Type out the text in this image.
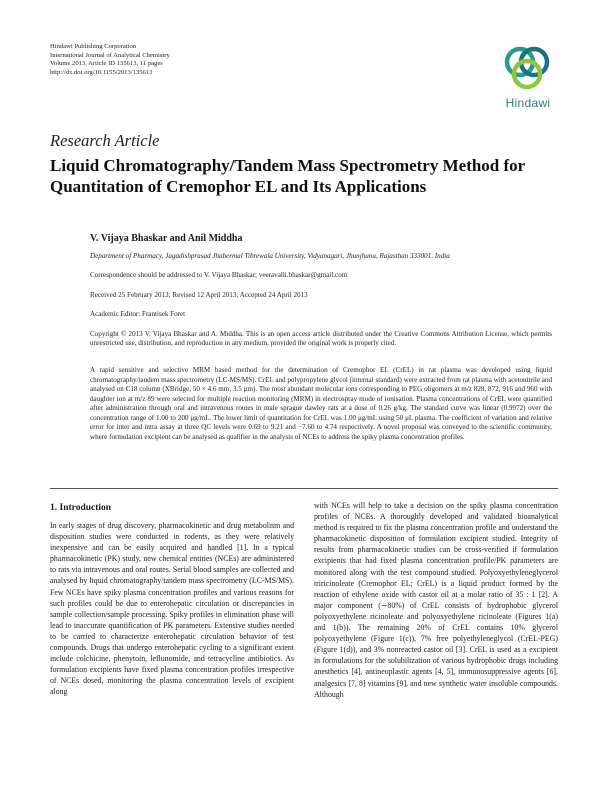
Hindawi Publishing Corporation
International Journal of Analytical Chemistry
Volume 2013, Article ID 135613, 11 pages
http://dx.doi.org/10.1155/2013/135613
Hindawi
Research Article
Liquid Chromatography/Tandem Mass Spectrometry Method for Quantitation of Cremophor EL and Its Applications
V. Vijaya Bhaskar and Anil Middha
Department of Pharmacy, Jagadishprasad Jhabermal Tibrewala University, Vidyanagari, Jhunjhunu, Rajasthan 333001, India
Correspondence should be addressed to V. Vijaya Bhaskar; veeravalli.bhaskar@gmail.com
Received 25 February 2013; Revised 12 April 2013; Accepted 24 April 2013
Academic Editor: Frantisek Foret
Copyright © 2013 V. Vijaya Bhaskar and A. Middha. This is an open access article distributed under the Creative Commons Attribution License, which permits unrestricted use, distribution, and reproduction in any medium, provided the original work is properly cited.
A rapid sensitive and selective MRM based method for the determination of Cremophor EL (CrEL) in rat plasma was developed using liquid chromatography/tandem mass spectrometry (LC-MS/MS). CrEL and polypropylene glycol (internal standard) were extracted from rat plasma with acetonitrile and analysed on C18 column (XBridge, 50 × 4.6 mm, 3.5 μm). The most abundant molecular ions corresponding to PEG oligomers at m/z 828, 872, 916 and 960 with daughter ion at m/z 89 were selected for multiple reaction monitoring (MRM) in electrospray mode of ionisation. Plasma concentrations of CrEL were quantified after administration through oral and intravenous routes in male sprague dawley rats at a dose of 0.26 g/kg. The standard curve was linear (0.9972) over the concentration range of 1.00 to 200 μg/mL. The lower limit of quantitation for CrEL was 1.00 μg/mL using 50 μL plasma. The coefficient of variation and relative error for inter and intra assay at three QC levels were 0.69 to 9.21 and −7.60 to 4.74 respectively. A novel proposal was conveyed to the scientific community, where formulation excipient can be analysed as qualifier in the analysis of NCEs to address the spiky plasma concentration profiles.
1. Introduction

In early stages of drug discovery, pharmacokinetic and drug metabolism and disposition studies were conducted in rodents, as they were relatively inexpensive and can be easily acquired and handled [1]. In a typical pharmacokinetic (PK) study, new chemical entities (NCEs) are administered to rats via intravenous and oral routes. Serial blood samples are collected and analysed by liquid chromatography/tandem mass spectrometry (LC-MS/MS). Few NCEs have spiky plasma concentration profiles and various reasons for such profiles could be due to enterohepatic circulation or discrepancies in sample collection/sample processing. Spiky profiles in elimination phase will lead to inaccurate quantification of PK parameters. Extensive studies needed to be carried to characterize enterohepatic circulation behavior of test compounds. Drugs that undergo enterohepatic cycling to a significant extent include colchicine, phenytoin, leflunomide, and tetracycline antibiotics. As formulation excipients have fixed plasma concentration profiles irrespective of NCEs dosed, monitoring the plasma concentration levels of excipient along

with NCEs will help to take a decision on the spiky plasma concentration profiles of NCEs. A thoroughly developed and validated bioanalytical method is required to fix the plasma concentration profile and understand the pharmacokinetic disposition of formulation excipient studied. Integrity of results from pharmacokinetic studies can be cross-verified if formulation excipients that had fixed plasma concentration profile/PK parameters are monitored along with the test compound studied. Polyoxyethyleneglycerol triricinoleate (Cremophor EL; CrEL) is a liquid product formed by the reaction of ethylene oxide with castor oil at a molar ratio of 35 : 1 [2]. A major component (∼80%) of CrEL consists of hydrophobic glycerol polyoxyethylene ricinoleate and polyoxyethylene ricinoleate (Figures 1(a) and 1(b)). The remaining 20% of CrEL contains 10% glycerol polyoxyethylene (Figure 1(c)), 7% free polyethyleneglycol (CrEL-PEG) (Figure 1(d)), and 3% nonreacted castor oil [3]. CrEL is used as a excipient in formulations for the solubilization of various hydrophobic drugs including anesthetics [4], antineoplastic agents [4, 5], immunosuppressive agents [6], analgesics [7, 8] vitamins [9], and new synthetic water insoluble compounds. Although
